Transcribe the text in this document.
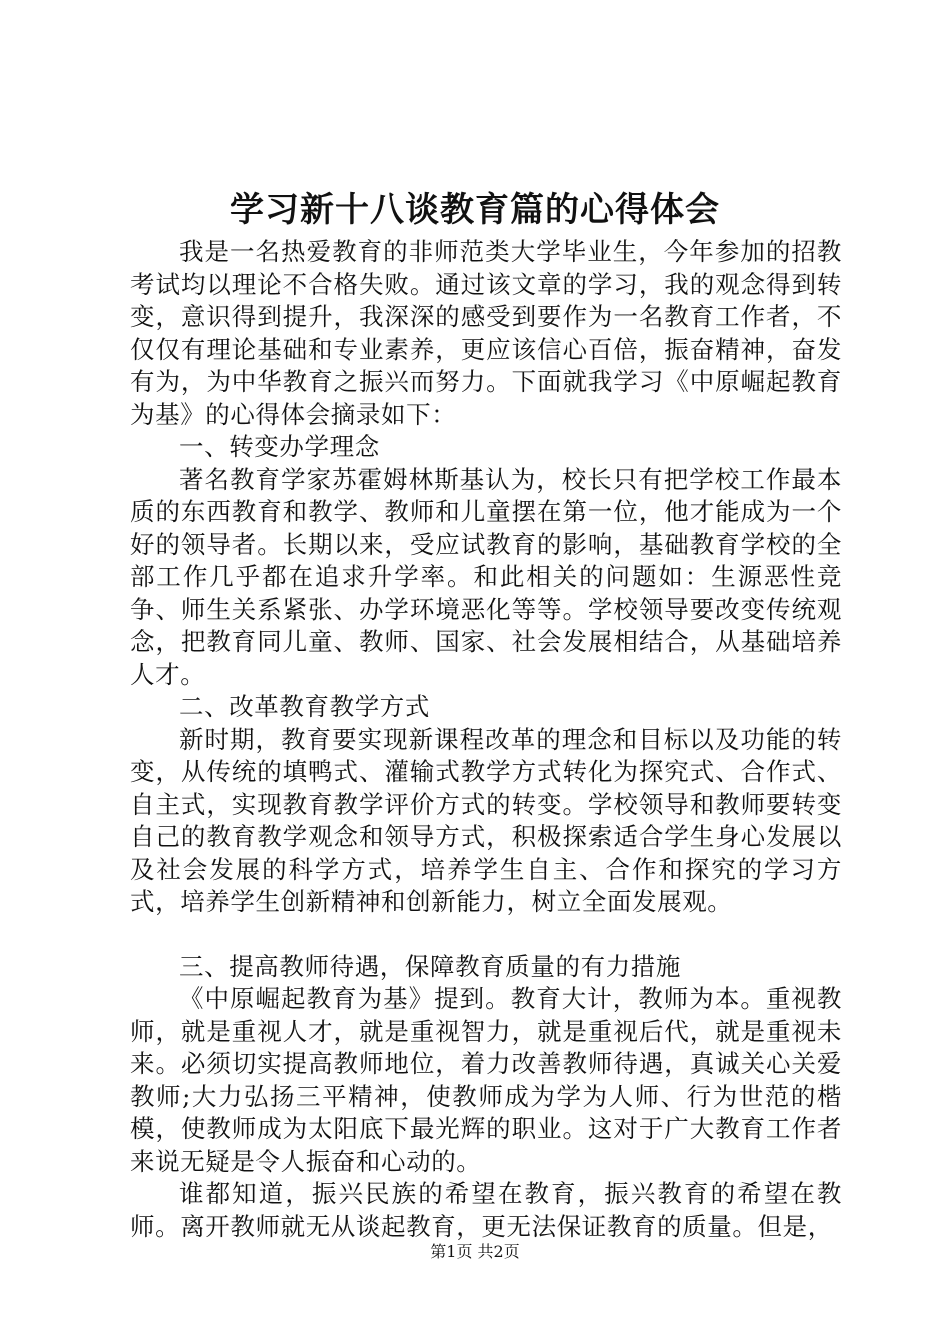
学习新十八谈教育篇的心得体会

我是一名热爱教育的非师范类大学毕业生，今年参加的招教考试均以理论不合格失败。通过该文章的学习，我的观念得到转变，意识得到提升，我深深的感受到要作为一名教育工作者，不仅仅有理论基础和专业素养，更应该信心百倍，振奋精神，奋发有为，为中华教育之振兴而努力。下面就我学习《中原崛起教育为基》的心得体会摘录如下：

一、转变办学理念

著名教育学家苏霍姆林斯基认为，校长只有把学校工作最本质的东西教育和教学、教师和儿童摆在第一位，他才能成为一个好的领导者。长期以来，受应试教育的影响，基础教育学校的全部工作几乎都在追求升学率。和此相关的问题如：生源恶性竞争、师生关系紧张、办学环境恶化等等。学校领导要改变传统观念，把教育同儿童、教师、国家、社会发展相结合，从基础培养人才。

二、改革教育教学方式

新时期，教育要实现新课程改革的理念和目标以及功能的转变，从传统的填鸭式、灌输式教学方式转化为探究式、合作式、自主式，实现教育教学评价方式的转变。学校领导和教师要转变自己的教育教学观念和领导方式，积极探索适合学生身心发展以及社会发展的科学方式，培养学生自主、合作和探究的学习方式，培养学生创新精神和创新能力，树立全面发展观。

三、提高教师待遇，保障教育质量的有力措施

《中原崛起教育为基》提到。教育大计，教师为本。重视教师，就是重视人才，就是重视智力，就是重视后代，就是重视未来。必须切实提高教师地位，着力改善教师待遇，真诚关心关爱教师;大力弘扬三平精神，使教师成为学为人师、行为世范的楷模，使教师成为太阳底下最光辉的职业。这对于广大教育工作者来说无疑是令人振奋和心动的。

谁都知道，振兴民族的希望在教育，振兴教育的希望在教师。离开教师就无从谈起教育，更无法保证教育的质量。但是，

第1页 共2页
